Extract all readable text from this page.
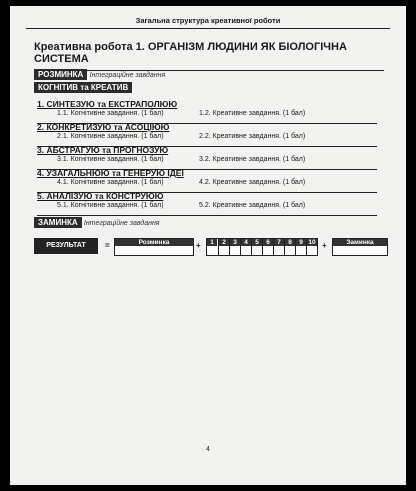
Загальна структура креативної роботи
Креативна робота 1. ОРГАНІЗМ ЛЮДИНИ ЯК БІОЛОГІЧНА СИСТЕМА
РОЗМИНКА Інтеграційне завдання
КОГНІТИВ та КРЕАТИВ
1. СИНТЕЗУЮ та ЕКСТРАПОЛЮЮ
1.1. Когнітивне завдання. (1 бал)	1.2. Креативне завдання. (1 бал)
2. КОНКРЕТИЗУЮ та АСОЦІЮЮ
2.1. Когнітивне завдання. (1 бал)	2.2. Креативне завдання. (1 бал)
3. АБСТРАГУЮ та ПРОГНОЗУЮ
3.1. Когнітивне завдання. (1 бал)	3.2. Креативне завдання. (1 бал)
4. УЗАГАЛЬНЮЮ та ГЕНЕРУЮ ІДЕЇ
4.1. Когнітивне завдання. (1 бал)	4.2. Креативне завдання. (1 бал)
5. АНАЛІЗУЮ та КОНСТРУЮЮ
5.1. Когнітивне завдання. (1 бал)	5.2. Креативне завдання. (1 бал)
ЗАМИНКА Інтеграційне завдання
РЕЗУЛЬТАТ	=	Розминка	+	1	2	3	4	5	6	7	8	9 10 +	Заминка
4
